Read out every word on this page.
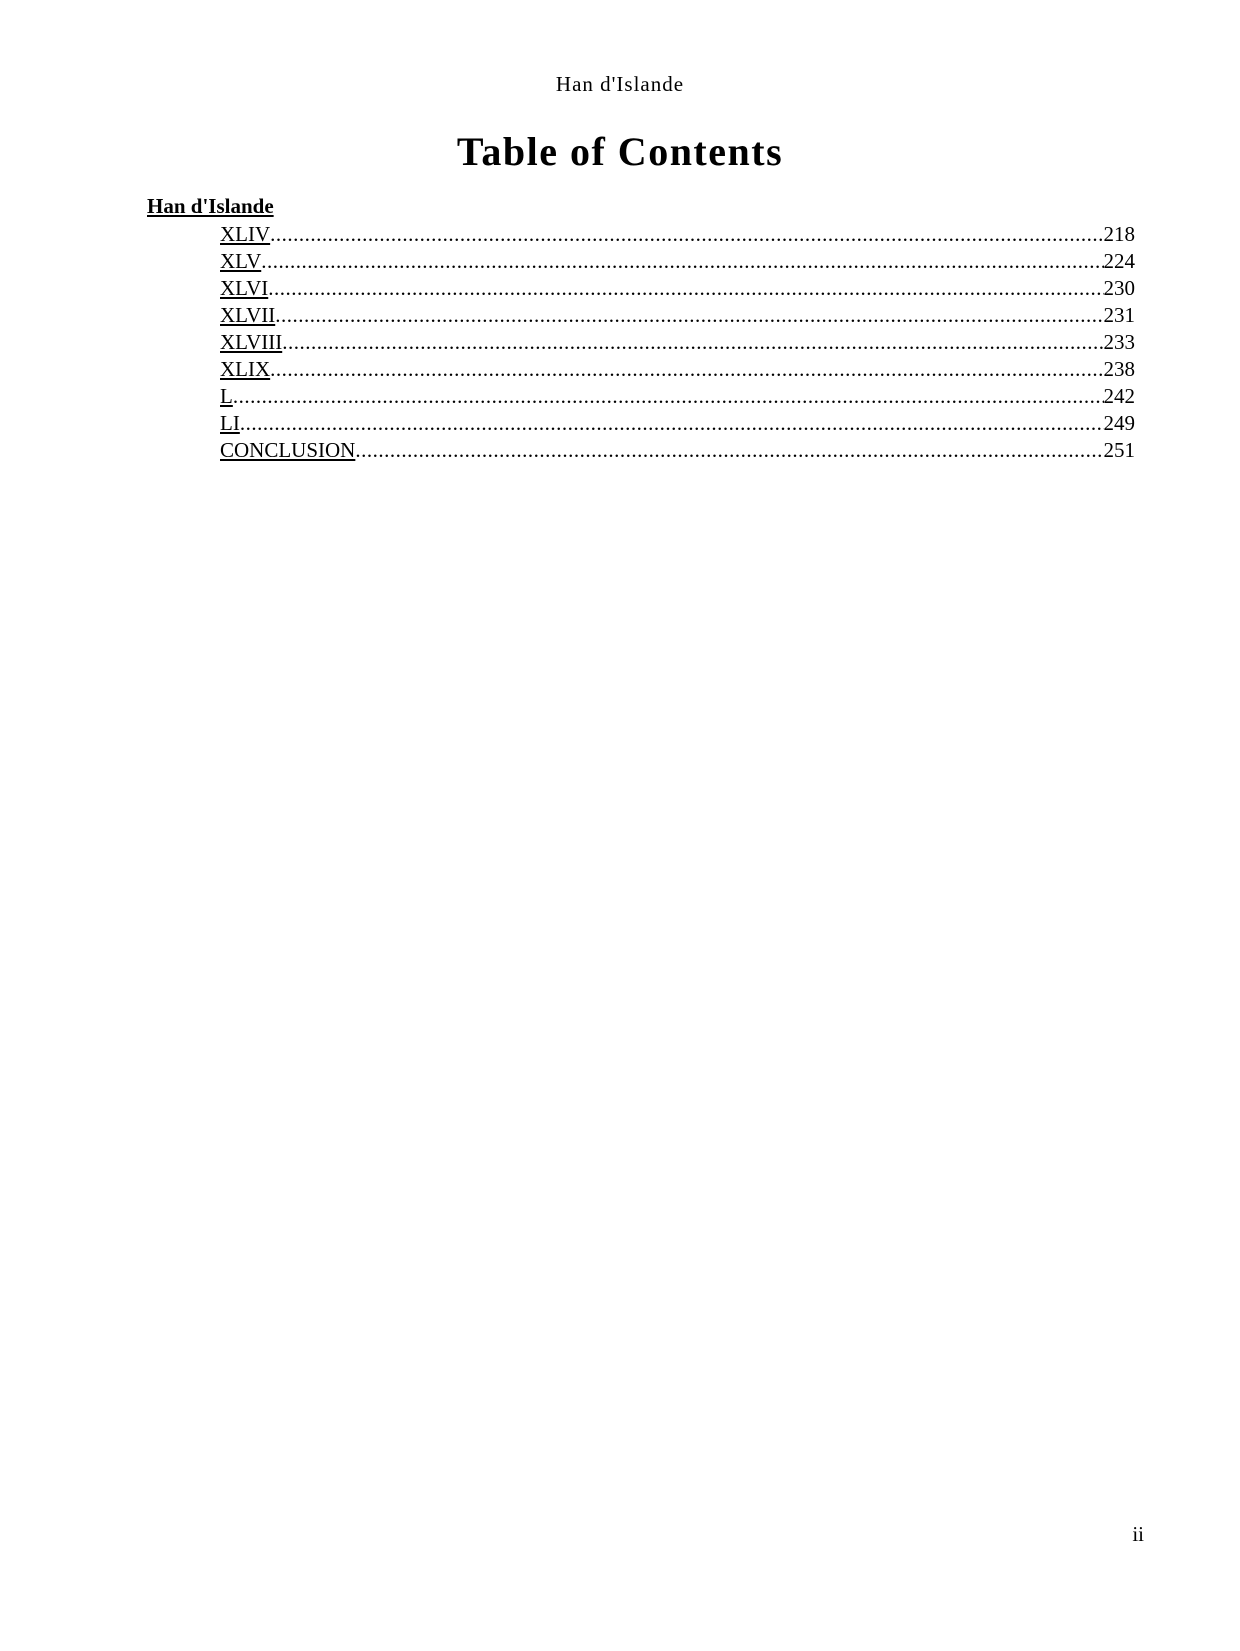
Han d'Islande
Table of Contents
Han d'Islande
XLIV .....	218
XLV .....	224
XLVI .....	230
XLVII .....	231
XLVIII .....	233
XLIX .....	238
L .....	242
LI .....	249
CONCLUSION .....	251
ii
